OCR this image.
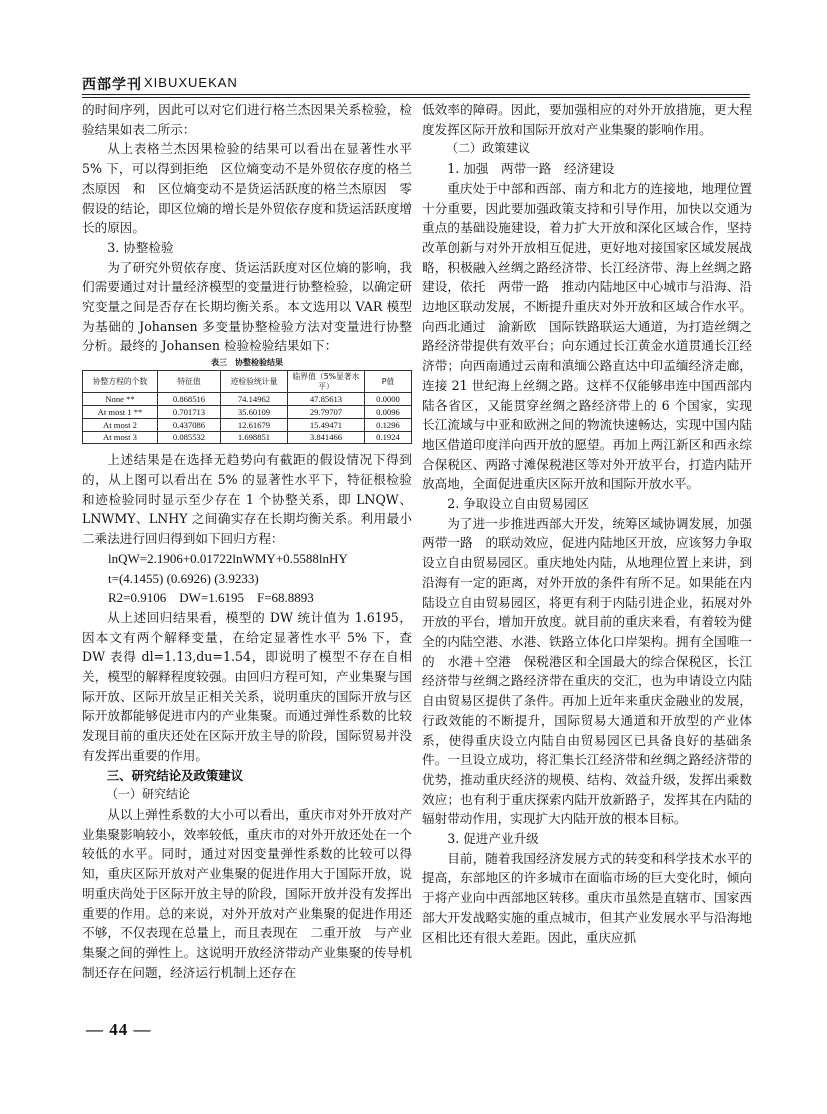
西部学刊 XIBUXUEKAN

的时间序列，因此可以对它们进行格兰杰因果关系检验，检验结果如表二所示：

从上表格兰杰因果检验的结果可以看出在显著性水平 5% 下，可以得到拒绝　区位熵变动不是外贸依存度的格兰杰原因　和　区位熵变动不是货运活跃度的格兰杰原因　零假设的结论，即区位熵的增长是外贸依存度和货运活跃度增长的原因。

3. 协整检验

为了研究外贸依存度、货运活跃度对区位熵的影响，我们需要通过对计量经济模型的变量进行协整检验，以确定研究变量之间是否存在长期均衡关系。本文选用以 VAR 模型为基础的 Johansen 多变量协整检验方法对变量进行协整分析。最终的 Johansen 检验检验结果如下：

表三　协整检验结果
协整方程的个数	特征值	迹检验统计量	临界值（5%显著水平）	P值
None **	0.868516	74.14962	47.85613	0.0000
At most 1 **	0.701713	35.60109	29.79707	0.0096
At most 2	0.437086	12.61679	15.49471	0.1296
At most 3	0.085532	1.698851	3.841466	0.1924

上述结果是在选择无趋势向有截距的假设情况下得到的，从上图可以看出在 5% 的显著性水平下，特征根检验和迹检验同时显示至少存在 1 个协整关系，即 LNQW、LNWMY、LNHY 之间确实存在长期均衡关系。利用最小二乘法进行回归得到如下回归方程：

lnQW=2.1906+0.01722lnWMY+0.5588lnHY

t=(4.1455) (0.6926) (3.9233)

R2=0.9106　DW=1.6195　F=68.8893

从上述回归结果看，模型的 DW 统计值为 1.6195，因本文有两个解释变量，在给定显著性水平 5% 下，查 DW 表得 dl=1.13,du=1.54，即说明了模型不存在自相关，模型的解释程度较强。由回归方程可知，产业集聚与国际开放、区际开放呈正相关关系，说明重庆的国际开放与区际开放都能够促进市内的产业集聚。而通过弹性系数的比较发现目前的重庆还处在区际开放主导的阶段，国际贸易并没有发挥出重要的作用。

三、研究结论及政策建议

（一）研究结论

从以上弹性系数的大小可以看出，重庆市对外开放对产业集聚影响较小，效率较低，重庆市的对外开放还处在一个较低的水平。同时，通过对因变量弹性系数的比较可以得知，重庆区际开放对产业集聚的促进作用大于国际开放，说明重庆尚处于区际开放主导的阶段，国际开放并没有发挥出重要的作用。总的来说，对外开放对产业集聚的促进作用还不够，不仅表现在总量上，而且表现在　二重开放　与产业集聚之间的弹性上。这说明开放经济带动产业集聚的传导机制还存在问题，经济运行机制上还存在

低效率的障碍。因此，要加强相应的对外开放措施，更大程度发挥区际开放和国际开放对产业集聚的影响作用。

（二）政策建议

1. 加强　两带一路　经济建设

重庆处于中部和西部、南方和北方的连接地，地理位置十分重要，因此要加强政策支持和引导作用，加快以交通为重点的基础设施建设，着力扩大开放和深化区域合作，坚持改革创新与对外开放相互促进，更好地对接国家区域发展战略，积极融入丝绸之路经济带、长江经济带、海上丝绸之路建设，依托　两带一路　推动内陆地区中心城市与沿海、沿边地区联动发展，不断提升重庆对外开放和区域合作水平。向西北通过　渝新欧　国际铁路联运大通道，为打造丝绸之路经济带提供有效平台；向东通过长江黄金水道贯通长江经济带；向西南通过云南和滇缅公路直达中印孟缅经济走廊，连接 21 世纪海上丝绸之路。这样不仅能够串连中国西部内陆各省区，又能贯穿丝绸之路经济带上的 6 个国家，实现长江流域与中亚和欧洲之间的物流快速畅达，实现中国内陆地区借道印度洋向西开放的愿望。再加上两江新区和西永综合保税区、两路寸滩保税港区等对外开放平台，打造内陆开放高地，全面促进重庆区际开放和国际开放水平。

2. 争取设立自由贸易园区

为了进一步推进西部大开发，统筹区域协调发展，加强　两带一路　的联动效应，促进内陆地区开放，应该努力争取设立自由贸易园区。重庆地处内陆，从地理位置上来讲，到沿海有一定的距离，对外开放的条件有所不足。如果能在内陆设立自由贸易园区，将更有利于内陆引进企业，拓展对外开放的平台，增加开放度。就目前的重庆来看，有着较为健全的内陆空港、水港、铁路立体化口岸架构。拥有全国唯一的　水港＋空港　保税港区和全国最大的综合保税区，长江经济带与丝绸之路经济带在重庆的交汇，也为申请设立内陆自由贸易区提供了条件。再加上近年来重庆金融业的发展，行政效能的不断提升，国际贸易大通道和开放型的产业体系，使得重庆设立内陆自由贸易园区已具备良好的基础条件。一旦设立成功，将汇集长江经济带和丝绸之路经济带的优势，推动重庆经济的规模、结构、效益升级，发挥出乘数效应；也有利于重庆探索内陆开放新路子，发挥其在内陆的辐射带动作用，实现扩大内陆开放的根本目标。

3. 促进产业升级

目前，随着我国经济发展方式的转变和科学技术水平的提高，东部地区的许多城市在面临市场的巨大变化时，倾向于将产业向中西部地区转移。重庆市虽然是直辖市、国家西部大开发战略实施的重点城市，但其产业发展水平与沿海地区相比还有很大差距。因此，重庆应抓

— 44 —
